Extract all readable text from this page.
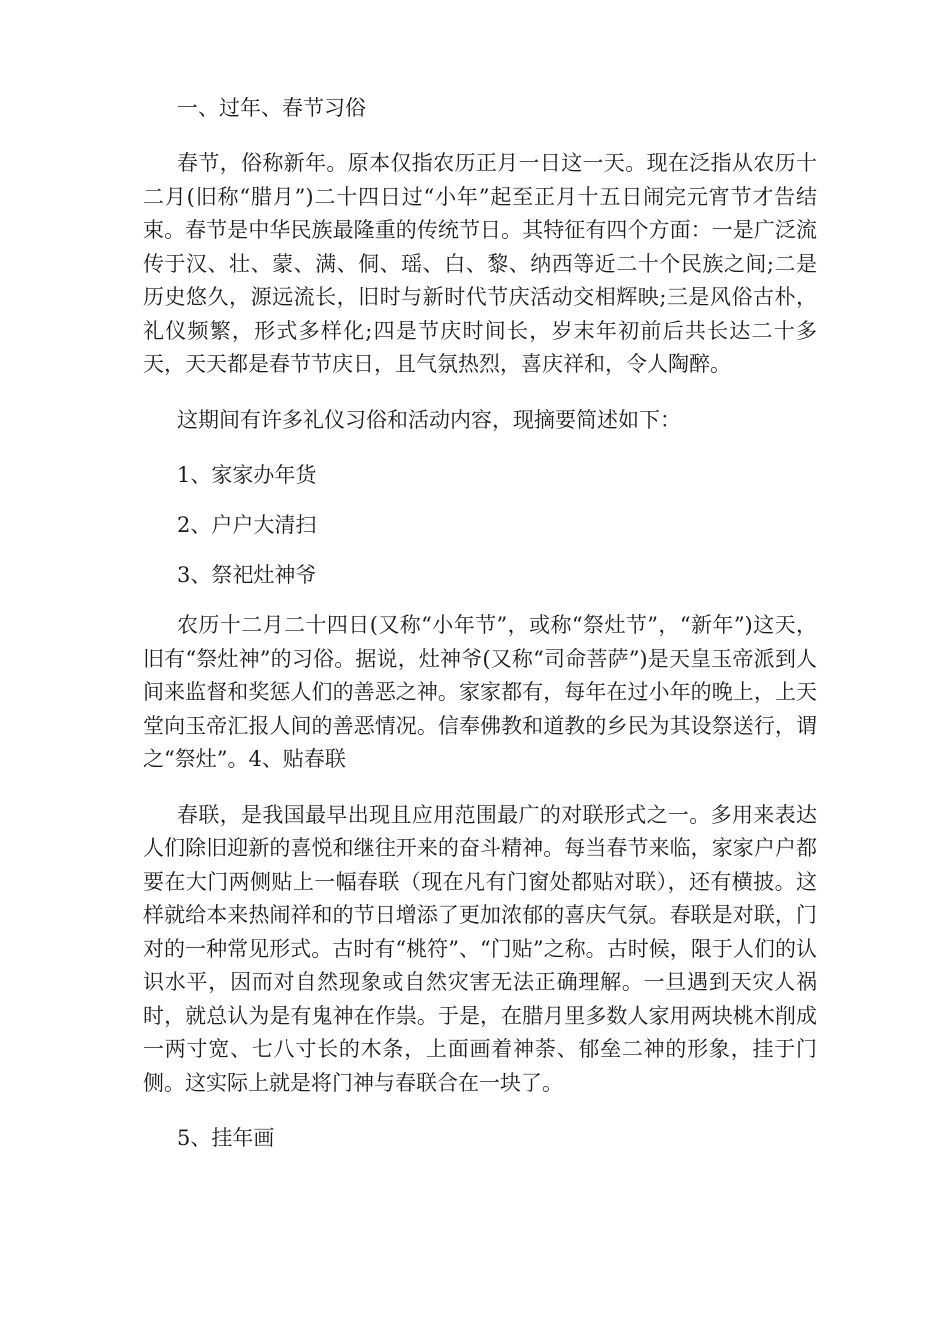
一、过年、春节习俗

春节，俗称新年。原本仅指农历正月一日这一天。现在泛指从农历十二月(旧称“腊月”)二十四日过“小年”起至正月十五日闹完元宵节才告结束。春节是中华民族最隆重的传统节日。其特征有四个方面：一是广泛流传于汉、壮、蒙、满、侗、瑶、白、黎、纳西等近二十个民族之间;二是历史悠久，源远流长，旧时与新时代节庆活动交相辉映;三是风俗古朴，礼仪频繁，形式多样化;四是节庆时间长，岁末年初前后共长达二十多天，天天都是春节节庆日，且气氛热烈，喜庆祥和，令人陶醉。

这期间有许多礼仪习俗和活动内容，现摘要简述如下：

1、家家办年货

2、户户大清扫

3、祭祀灶神爷

农历十二月二十四日(又称“小年节”，或称“祭灶节”，“新年”)这天，旧有“祭灶神”的习俗。据说，灶神爷(又称“司命菩萨”)是天皇玉帝派到人间来监督和奖惩人们的善恶之神。家家都有，每年在过小年的晚上，上天堂向玉帝汇报人间的善恶情况。信奉佛教和道教的乡民为其设祭送行，谓之“祭灶”。4、贴春联

春联，是我国最早出现且应用范围最广的对联形式之一。多用来表达人们除旧迎新的喜悦和继往开来的奋斗精神。每当春节来临，家家户户都要在大门两侧贴上一幅春联（现在凡有门窗处都贴对联），还有横披。这样就给本来热闹祥和的节日增添了更加浓郁的喜庆气氛。春联是对联，门对的一种常见形式。古时有“桃符”、“门贴”之称。古时候，限于人们的认识水平，因而对自然现象或自然灾害无法正确理解。一旦遇到天灾人祸时，就总认为是有鬼神在作祟。于是，在腊月里多数人家用两块桃木削成一两寸宽、七八寸长的木条，上面画着神荼、郁垒二神的形象，挂于门侧。这实际上就是将门神与春联合在一块了。

5、挂年画
